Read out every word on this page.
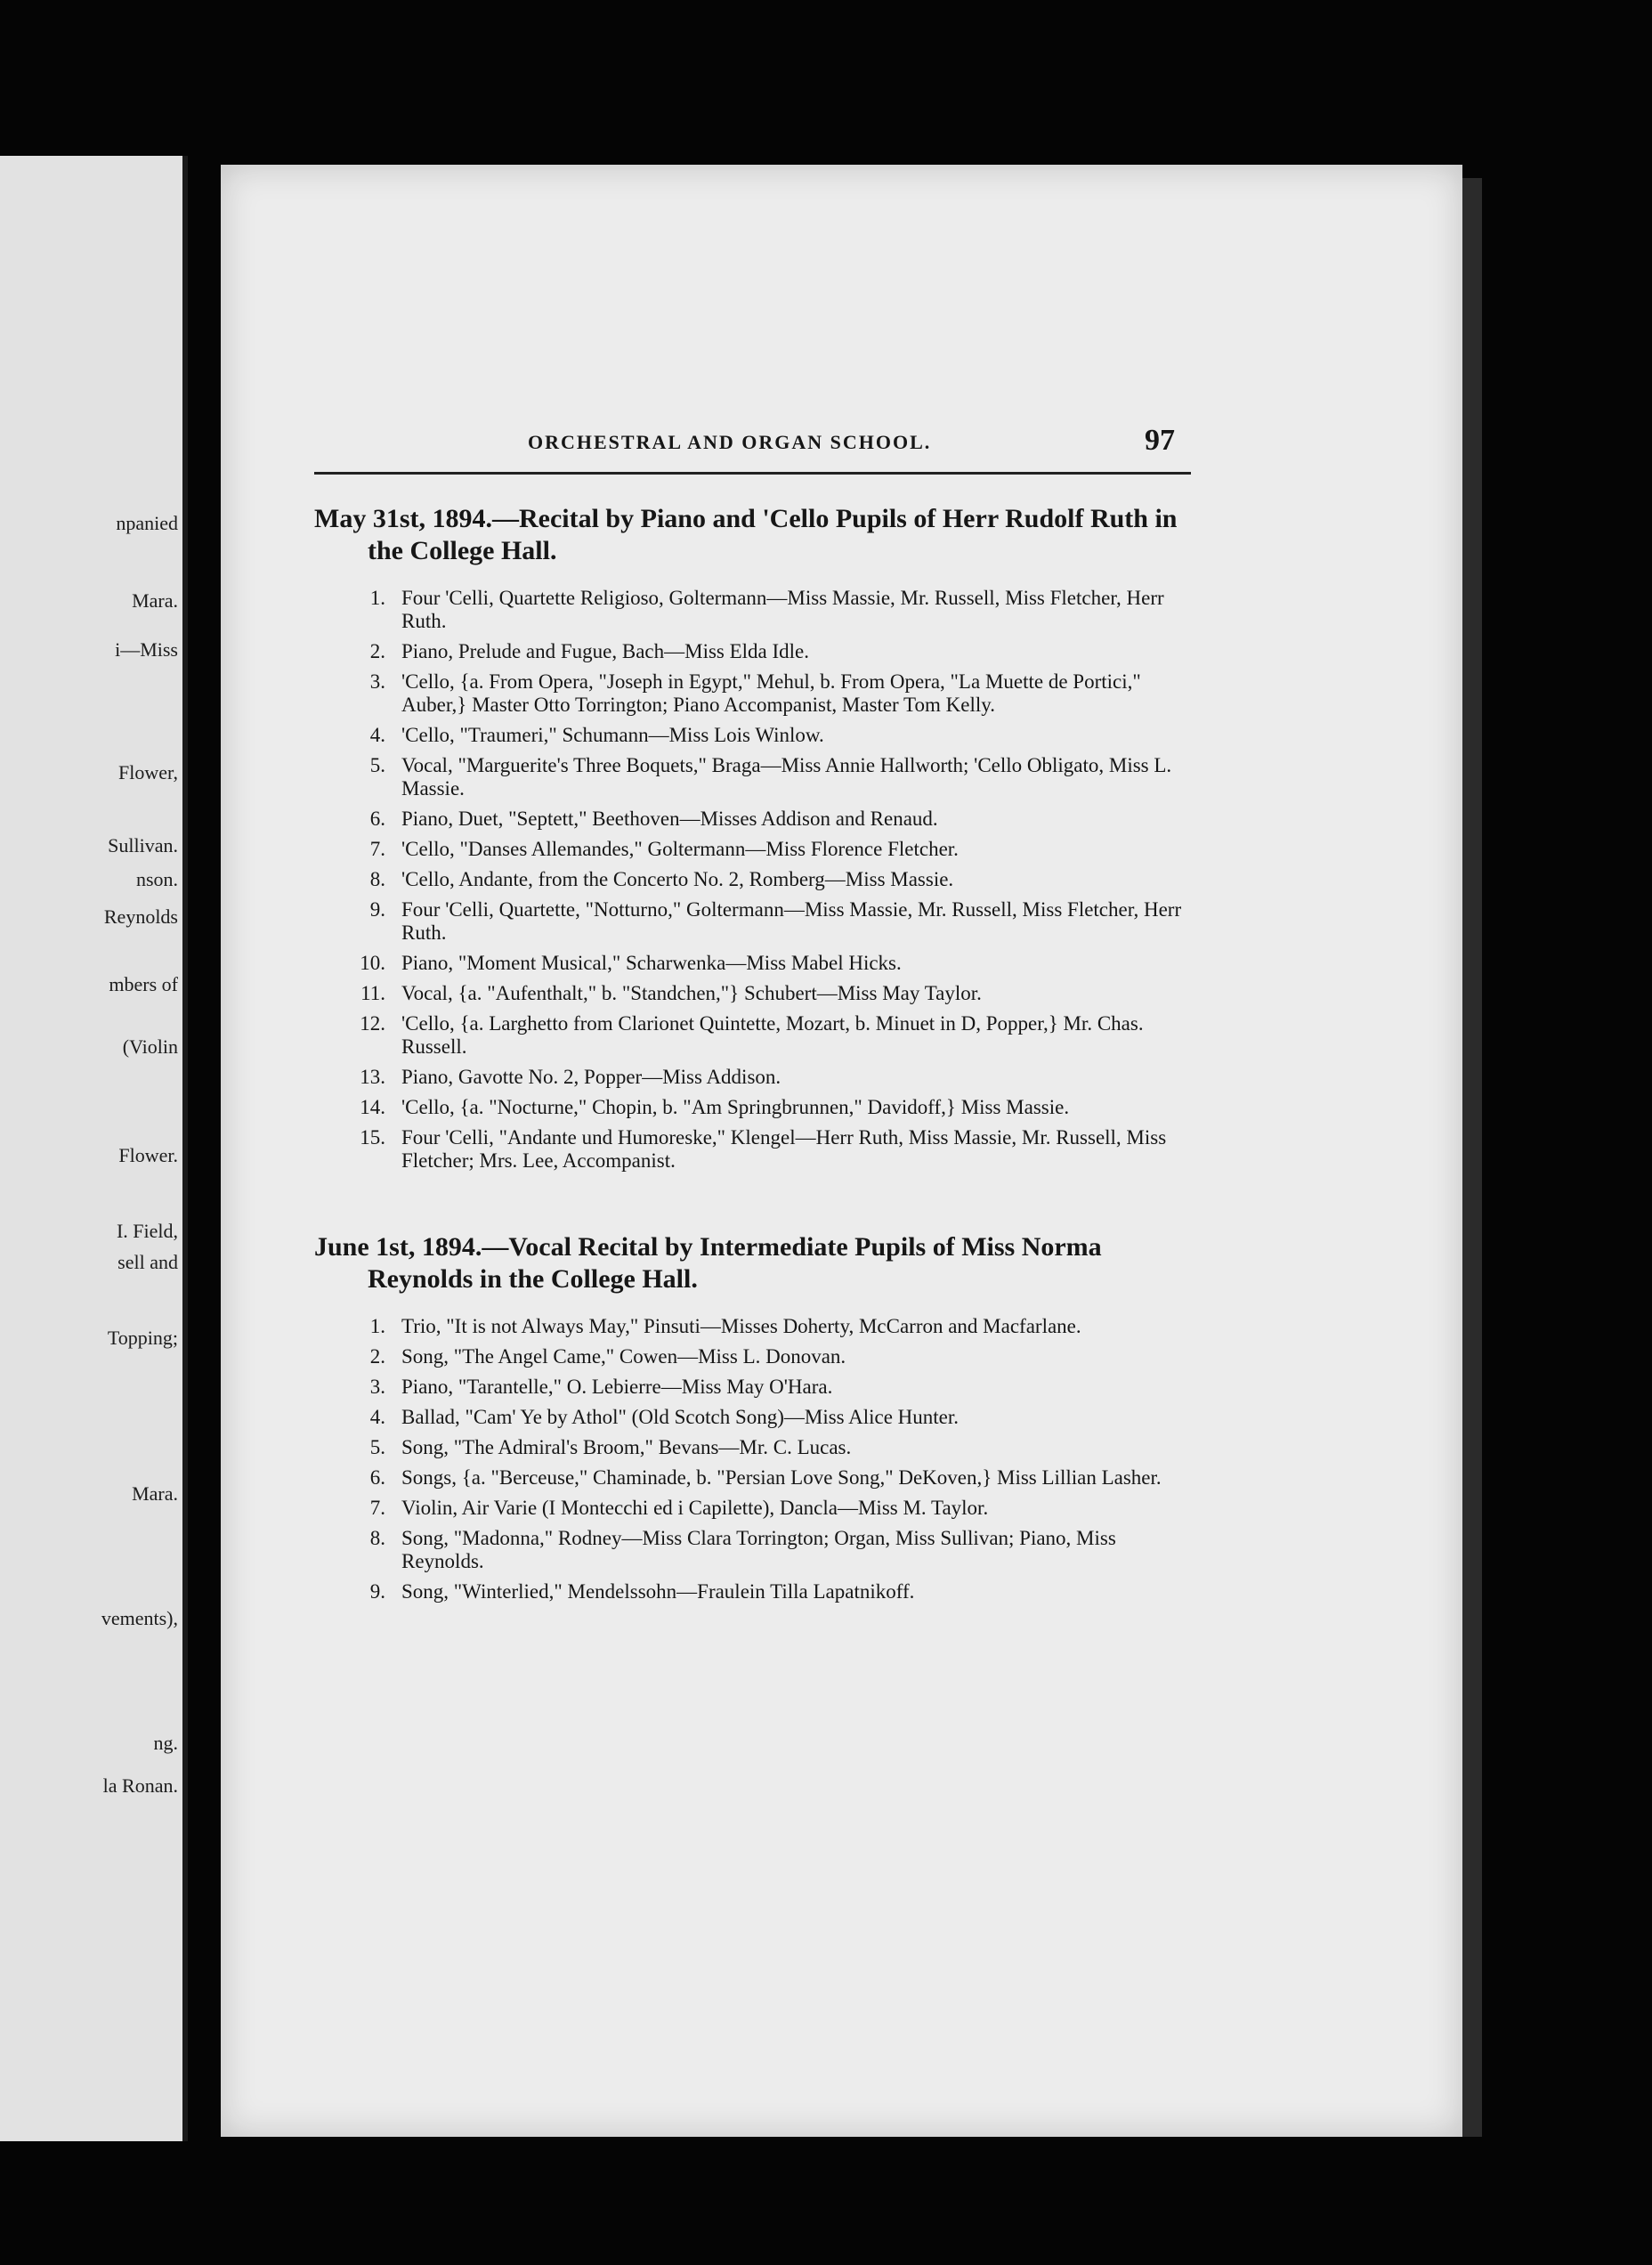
npanied

Mara.

i—Miss

Flower,

Sullivan.

nson.

Reynolds

mbers of

(Violin

Flower.

I. Field,

sell and

Topping;

Mara.

vements),

ng.

la Ronan.

ORCHESTRAL AND ORGAN SCHOOL.	97

May 31st, 1894.—Recital by Piano and 'Cello Pupils of Herr Rudolf Ruth in the College Hall.

1. Four 'Celli, Quartette Religioso, Goltermann—Miss Massie, Mr. Russell, Miss Fletcher, Herr Ruth.
2. Piano, Prelude and Fugue, Bach—Miss Elda Idle.
3. 'Cello, {a. From Opera, "Joseph in Egypt," Mehul, b. From Opera, "La Muette de Portici," Auber,} Master Otto Torrington; Piano Accompanist, Master Tom Kelly.
4. 'Cello, "Traumeri," Schumann—Miss Lois Winlow.
5. Vocal, "Marguerite's Three Boquets," Braga—Miss Annie Hallworth; 'Cello Obligato, Miss L. Massie.
6. Piano, Duet, "Septett," Beethoven—Misses Addison and Renaud.
7. 'Cello, "Danses Allemandes," Goltermann—Miss Florence Fletcher.
8. 'Cello, Andante, from the Concerto No. 2, Romberg—Miss Massie.
9. Four 'Celli, Quartette, "Notturno," Goltermann—Miss Massie, Mr. Russell, Miss Fletcher, Herr Ruth.
10. Piano, "Moment Musical," Scharwenka—Miss Mabel Hicks.
11. Vocal, {a. "Aufenthalt," b. "Standchen,"} Schubert—Miss May Taylor.
12. 'Cello, {a. Larghetto from Clarionet Quintette, Mozart, b. Minuet in D, Popper,} Mr. Chas. Russell.
13. Piano, Gavotte No. 2, Popper—Miss Addison.
14. 'Cello, {a. "Nocturne," Chopin, b. "Am Springbrunnen," Davidoff,} Miss Massie.
15. Four 'Celli, "Andante und Humoreske," Klengel—Herr Ruth, Miss Massie, Mr. Russell, Miss Fletcher; Mrs. Lee, Accompanist.

June 1st, 1894.—Vocal Recital by Intermediate Pupils of Miss Norma Reynolds in the College Hall.

1. Trio, "It is not Always May," Pinsuti—Misses Doherty, McCarron and Macfarlane.
2. Song, "The Angel Came," Cowen—Miss L. Donovan.
3. Piano, "Tarantelle," O. Lebierre—Miss May O'Hara.
4. Ballad, "Cam' Ye by Athol" (Old Scotch Song)—Miss Alice Hunter.
5. Song, "The Admiral's Broom," Bevans—Mr. C. Lucas.
6. Songs, {a. "Berceuse," Chaminade, b. "Persian Love Song," DeKoven,} Miss Lillian Lasher.
7. Violin, Air Varie (I Montecchi ed i Capilette), Dancla—Miss M. Taylor.
8. Song, "Madonna," Rodney—Miss Clara Torrington; Organ, Miss Sullivan; Piano, Miss Reynolds.
9. Song, "Winterlied," Mendelssohn—Fraulein Tilla Lapatnikoff.
